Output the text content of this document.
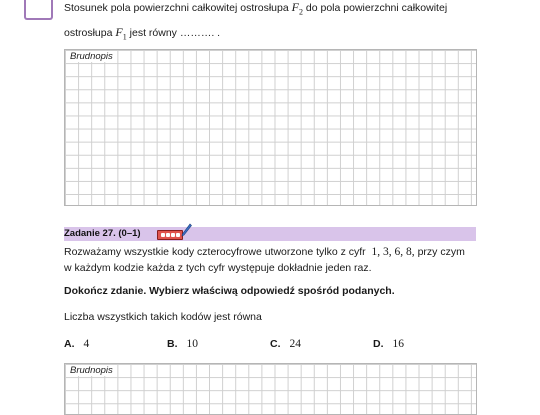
Stosunek pola powierzchni całkowitej ostrosłupa $F_2$ do pola powierzchni całkowitej
ostrosłupa $F_1$ jest równy ………. .
Brudnopis
Zadanie 27. (0–1)
Rozważamy wszystkie kody czterocyfrowe utworzone tylko z cyfr 1, 3, 6, 8, przy czym
w każdym kodzie każda z tych cyfr występuje dokładnie jeden raz.
Dokończ zdanie. Wybierz właściwą odpowiedź spośród podanych.
Liczba wszystkich takich kodów jest równa
A. 4	B. 10	C. 24	D. 16
Brudnopis
